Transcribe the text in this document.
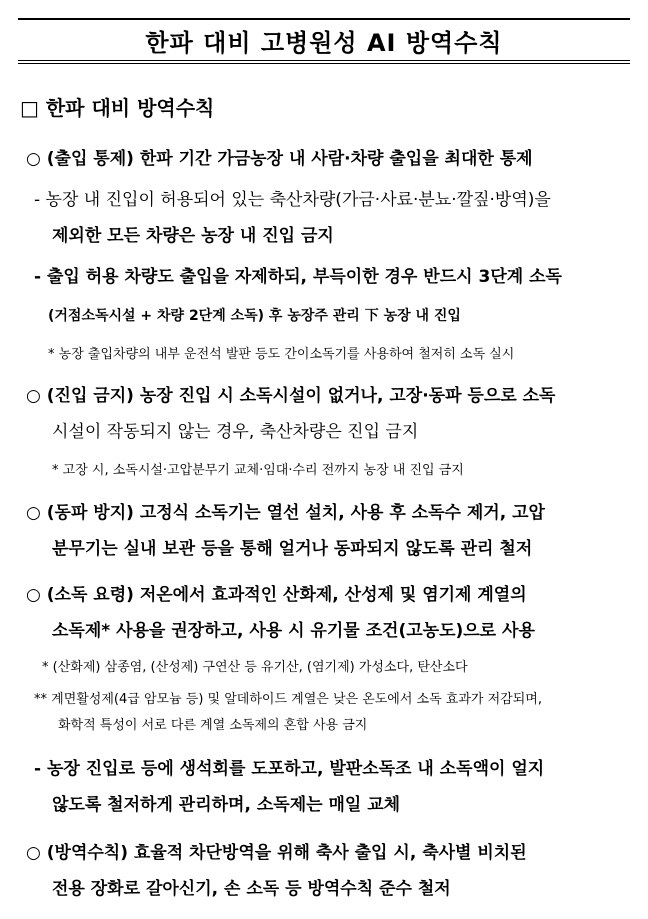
한파 대비 고병원성 AI 방역수칙
□ 한파 대비 방역수칙
○ (출입 통제) 한파 기간 가금농장 내 사람·차량 출입을 최대한 통제
- 농장 내 진입이 허용되어 있는 축산차량(가금·사료·분뇨·깔짚·방역)을
제외한 모든 차량은 농장 내 진입 금지
- 출입 허용 차량도 출입을 자제하되, 부득이한 경우 반드시 3단계 소독
(거점소독시설 + 차량 2단계 소독) 후 농장주 관리 下 농장 내 진입
* 농장 출입차량의 내부 운전석 발판 등도 간이소독기를 사용하여 철저히 소독 실시
○ (진입 금지) 농장 진입 시 소독시설이 없거나, 고장·동파 등으로 소독
시설이 작동되지 않는 경우, 축산차량은 진입 금지
* 고장 시, 소독시설·고압분무기 교체·임대·수리 전까지 농장 내 진입 금지
○ (동파 방지) 고정식 소독기는 열선 설치, 사용 후 소독수 제거, 고압
분무기는 실내 보관 등을 통해 얼거나 동파되지 않도록 관리 철저
○ (소독 요령) 저온에서 효과적인 산화제, 산성제 및 염기제 계열의
소독제* 사용을 권장하고, 사용 시 유기물 조건(고농도)으로 사용
* (산화제) 삼종염, (산성제) 구연산 등 유기산, (염기제) 가성소다, 탄산소다
** 계면활성제(4급 암모늄 등) 및 알데하이드 계열은 낮은 온도에서 소독 효과가 저감되며,
화학적 특성이 서로 다른 계열 소독제의 혼합 사용 금지
- 농장 진입로 등에 생석회를 도포하고, 발판소독조 내 소독액이 얼지
않도록 철저하게 관리하며, 소독제는 매일 교체
○ (방역수칙) 효율적 차단방역을 위해 축사 출입 시, 축사별 비치된
전용 장화로 갈아신기, 손 소독 등 방역수칙 준수 철저
